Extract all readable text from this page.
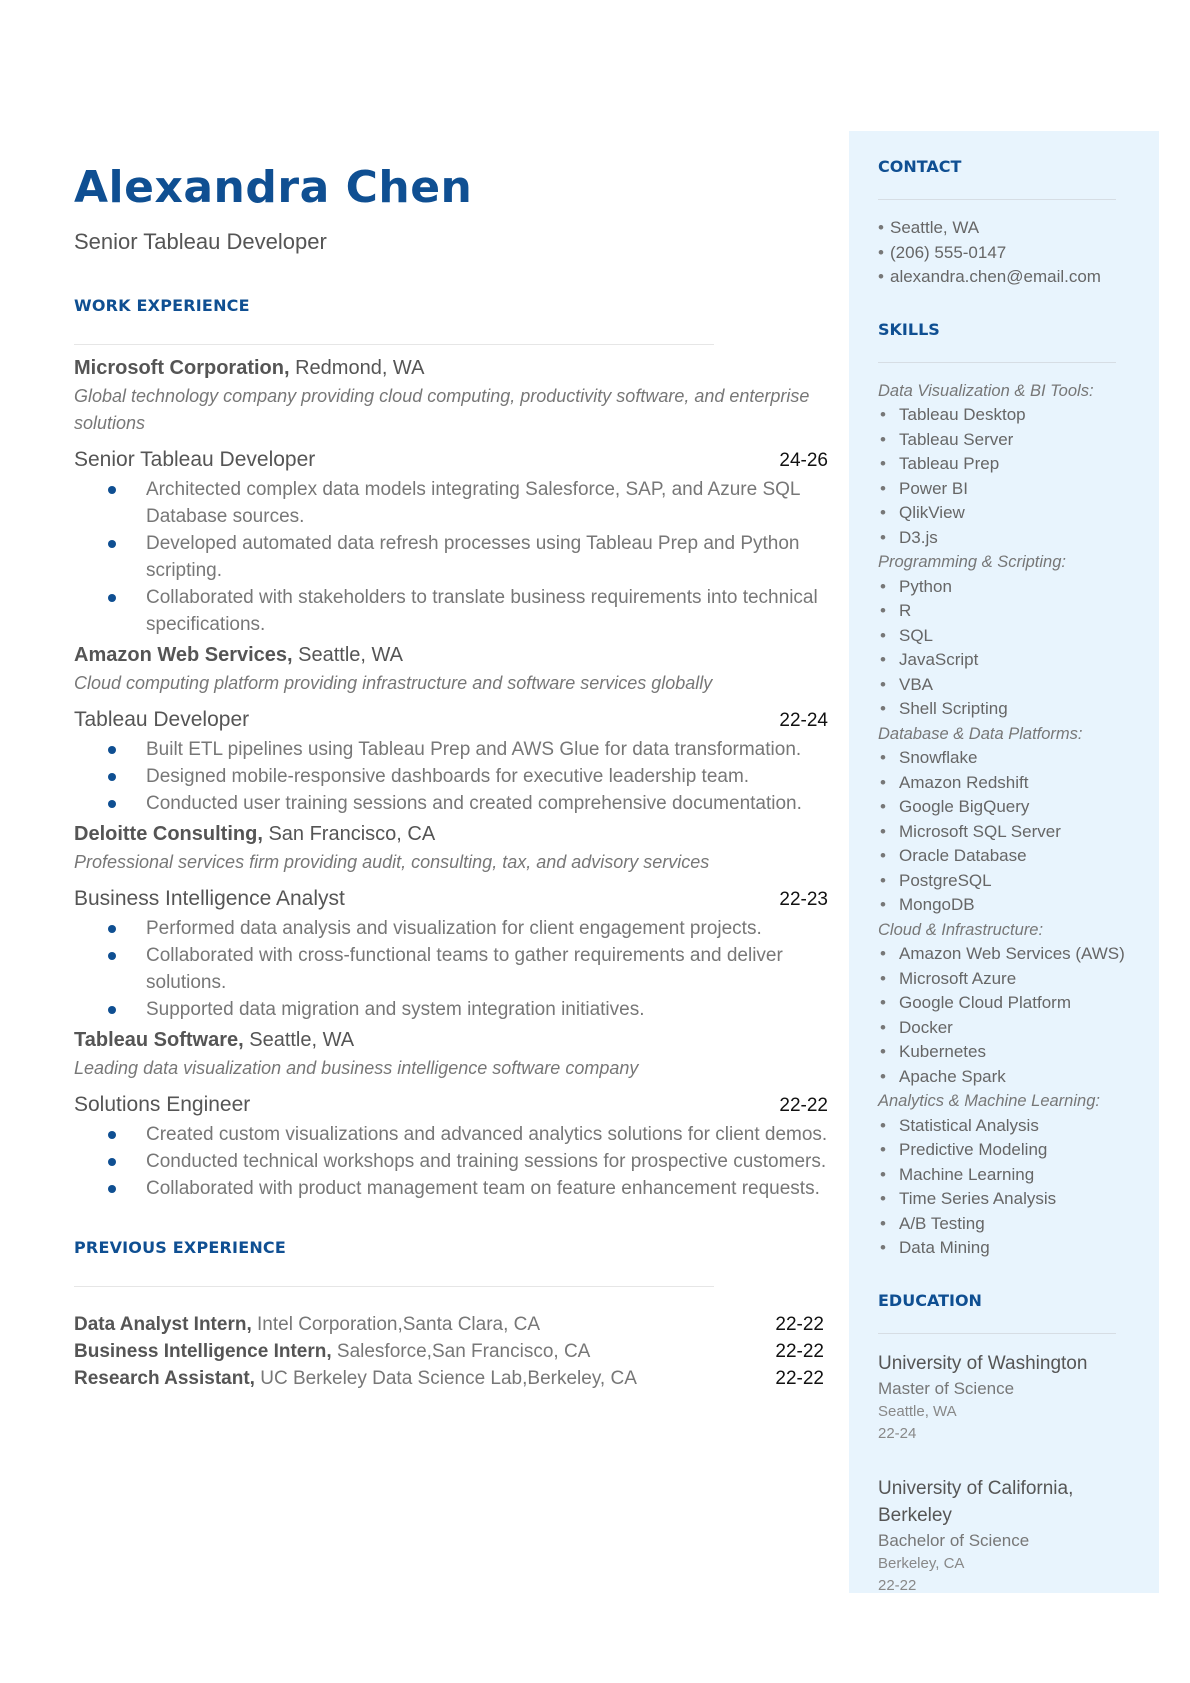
Alexandra Chen
Senior Tableau Developer
WORK EXPERIENCE
Microsoft Corporation, Redmond, WA
Global technology company providing cloud computing, productivity software, and enterprise solutions
Senior Tableau Developer	24-26
Architected complex data models integrating Salesforce, SAP, and Azure SQL Database sources.
Developed automated data refresh processes using Tableau Prep and Python scripting.
Collaborated with stakeholders to translate business requirements into technical specifications.
Amazon Web Services, Seattle, WA
Cloud computing platform providing infrastructure and software services globally
Tableau Developer	22-24
Built ETL pipelines using Tableau Prep and AWS Glue for data transformation.
Designed mobile-responsive dashboards for executive leadership team.
Conducted user training sessions and created comprehensive documentation.
Deloitte Consulting, San Francisco, CA
Professional services firm providing audit, consulting, tax, and advisory services
Business Intelligence Analyst	22-23
Performed data analysis and visualization for client engagement projects.
Collaborated with cross-functional teams to gather requirements and deliver solutions.
Supported data migration and system integration initiatives.
Tableau Software, Seattle, WA
Leading data visualization and business intelligence software company
Solutions Engineer	22-22
Created custom visualizations and advanced analytics solutions for client demos.
Conducted technical workshops and training sessions for prospective customers.
Collaborated with product management team on feature enhancement requests.
PREVIOUS EXPERIENCE
Data Analyst Intern, Intel Corporation,Santa Clara, CA	22-22
Business Intelligence Intern, Salesforce,San Francisco, CA	22-22
Research Assistant, UC Berkeley Data Science Lab,Berkeley, CA	22-22
CONTACT
• Seattle, WA
• (206) 555-0147
• alexandra.chen@email.com
SKILLS
Data Visualization & BI Tools:
• Tableau Desktop
• Tableau Server
• Tableau Prep
• Power BI
• QlikView
• D3.js
Programming & Scripting:
• Python
• R
• SQL
• JavaScript
• VBA
• Shell Scripting
Database & Data Platforms:
• Snowflake
• Amazon Redshift
• Google BigQuery
• Microsoft SQL Server
• Oracle Database
• PostgreSQL
• MongoDB
Cloud & Infrastructure:
• Amazon Web Services (AWS)
• Microsoft Azure
• Google Cloud Platform
• Docker
• Kubernetes
• Apache Spark
Analytics & Machine Learning:
• Statistical Analysis
• Predictive Modeling
• Machine Learning
• Time Series Analysis
• A/B Testing
• Data Mining
EDUCATION
University of Washington
Master of Science
Seattle, WA
22-24
University of California, Berkeley
Bachelor of Science
Berkeley, CA
22-22
